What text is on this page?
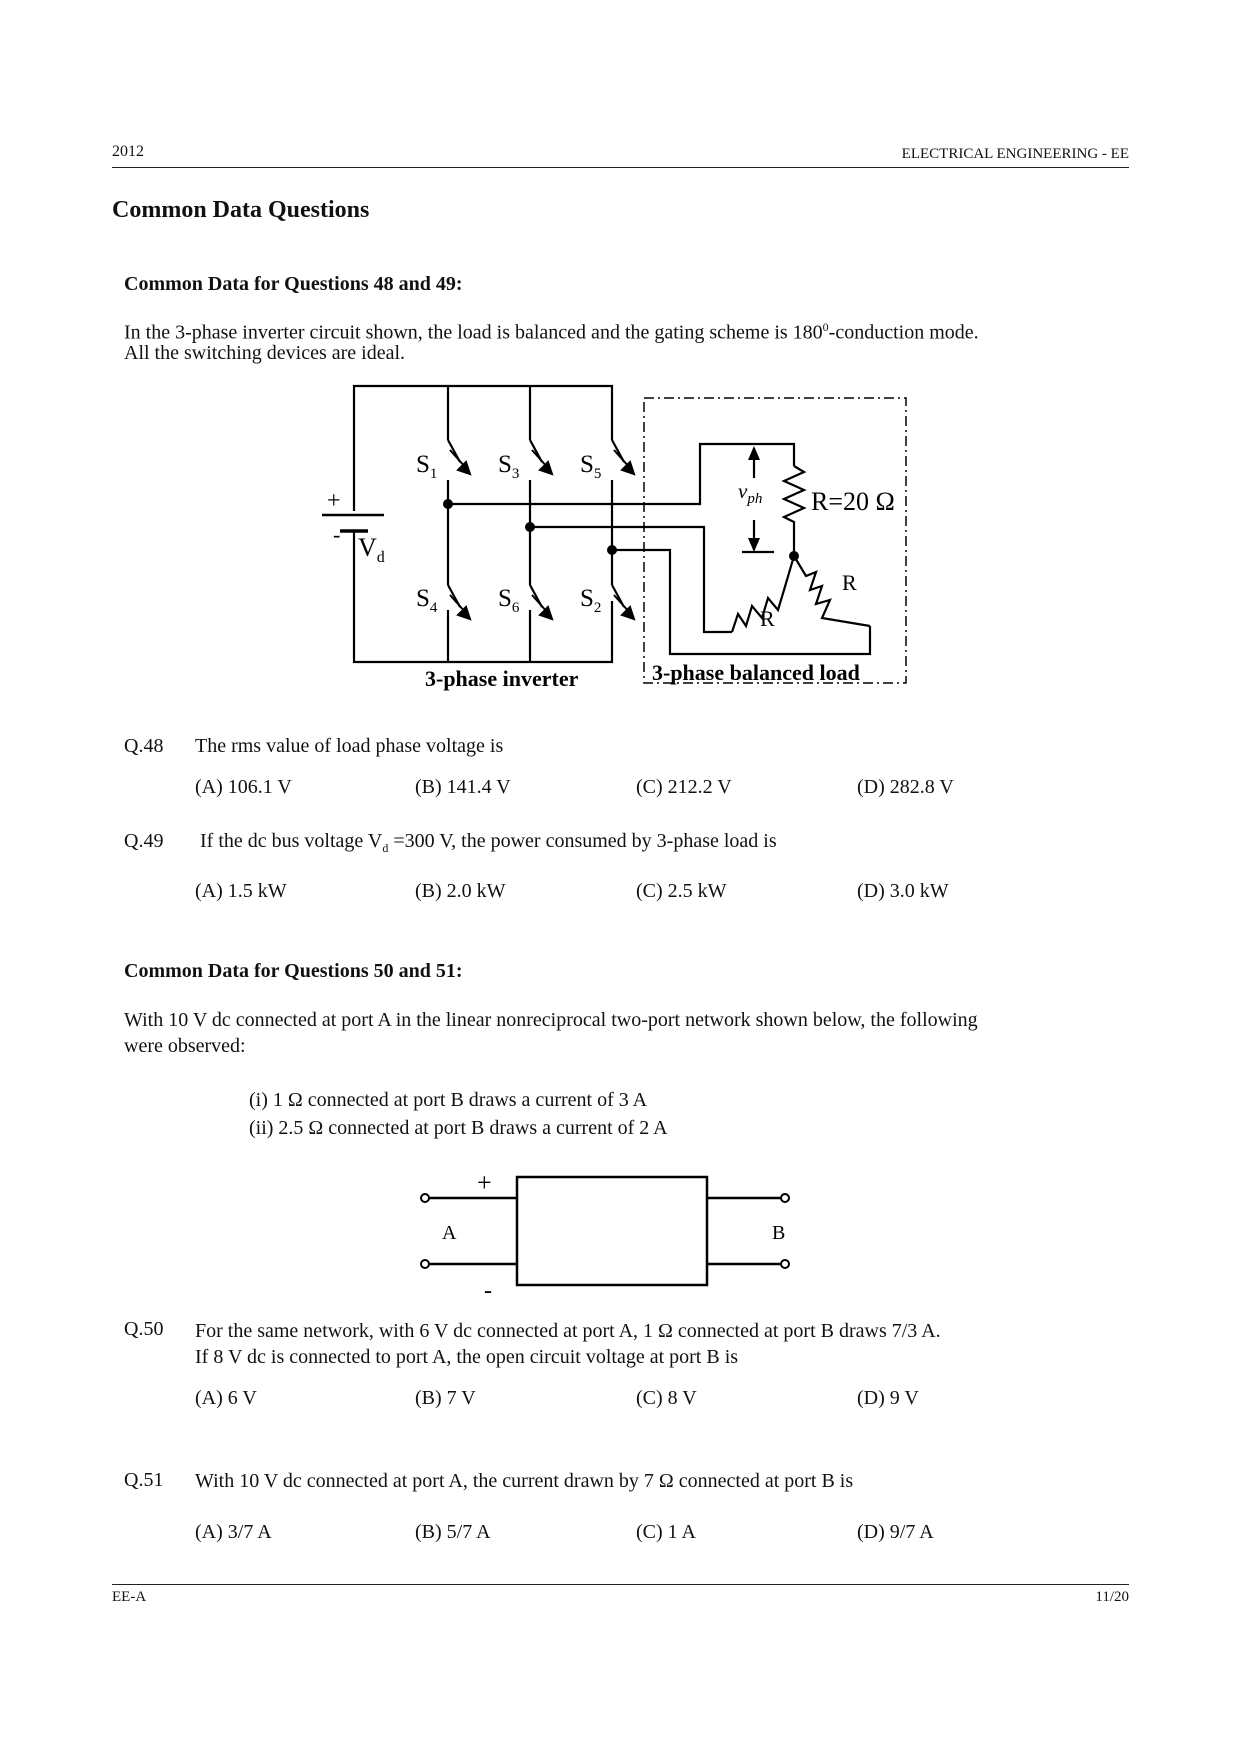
2012	ELECTRICAL ENGINEERING - EE
Common Data Questions
Common Data for Questions 48 and 49:
In the 3-phase inverter circuit shown, the load is balanced and the gating scheme is $180^0$-conduction mode.
All the switching devices are ideal.
+
- $V_d$
$S_1$ $S_3$ $S_5$
$S_4$ $S_6$ $S_2$
$v_{ph}$ R=20 Ω
R
R
3-phase inverter	3-phase balanced load
Q.48 The rms value of load phase voltage is
(A) 106.1 V	(B) 141.4 V	(C) 212.2 V	(D) 282.8 V
Q.49 If the dc bus voltage $V_d =300$ V, the power consumed by 3-phase load is
(A) 1.5 kW	(B) 2.0 kW	(C) 2.5 kW	(D) 3.0 kW
Common Data for Questions 50 and 51:
With 10 V dc connected at port A in the linear nonreciprocal two-port network shown below, the following
were observed:
(i) 1 Ω connected at port B draws a current of 3 A
(ii) 2.5 Ω connected at port B draws a current of 2 A
+
-
A	B
Q.50 For the same network, with 6 V dc connected at port A, 1 Ω connected at port B draws 7/3 A.
If 8 V dc is connected to port A, the open circuit voltage at port B is
(A) 6 V	(B) 7 V	(C) 8 V	(D) 9 V
Q.51 With 10 V dc connected at port A, the current drawn by 7 Ω connected at port B is
(A) 3/7 A	(B) 5/7 A	(C) 1 A	(D) 9/7 A
EE-A	11/20
